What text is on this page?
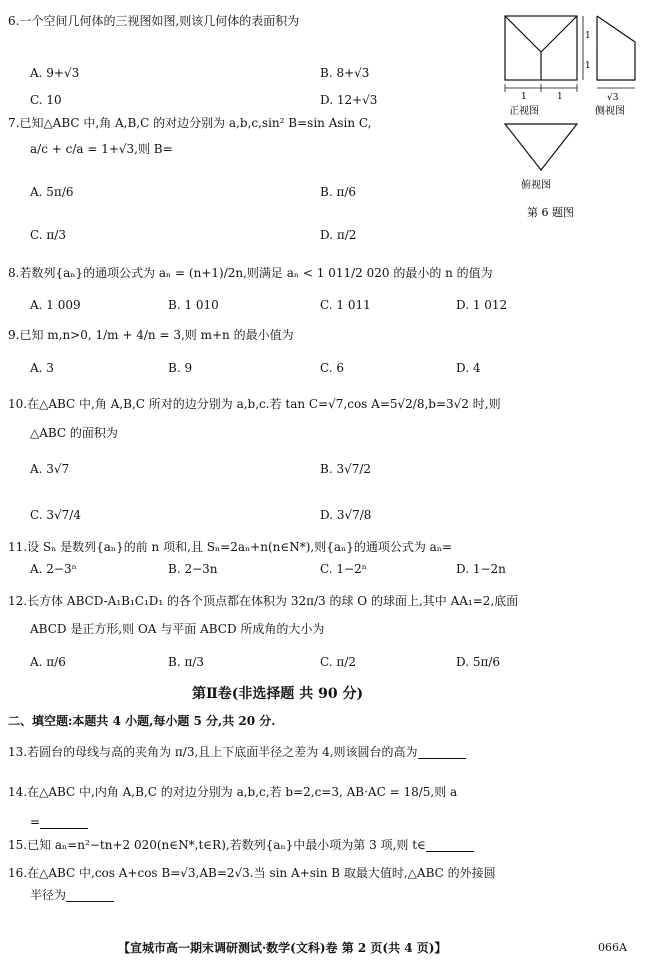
6.一个空间几何体的三视图如图,则该几何体的表面积为
A. 9+√3	B. 8+√3
C. 10	D. 12+√3	1	1
1
1
正视图
√3
侧视图
俯视图
第 6 题图
7.已知△ABC 中,角 A,B,C 的对边分别为 a,b,c,sin² B=sin Asin C,
a/c + c/a = 1+√3,则 B=
A. 5π/6	B. π/6
C. π/3	D. π/2
8.若数列{aₙ}的通项公式为 aₙ = (n+1)/2n,则满足 aₙ < 1 011/2 020 的最小的 n 的值为
A. 1 009	B. 1 010	C. 1 011	D. 1 012
9.已知 m,n>0, 1/m + 4/n = 3,则 m+n 的最小值为
A. 3	B. 9	C. 6	D. 4
10.在△ABC 中,角 A,B,C 所对的边分别为 a,b,c.若 tan C=√7,cos A=5√2/8,b=3√2 时,则
△ABC 的面积为
A. 3√7	B. 3√7/2
C. 3√7/4	D. 3√7/8
11.设 Sₙ 是数列{aₙ}的前 n 项和,且 Sₙ=2aₙ+n(n∈N*),则{aₙ}的通项公式为 aₙ=
A. 2−3ⁿ	B. 2−3n	C. 1−2ⁿ	D. 1−2n
12.长方体 ABCD-A₁B₁C₁D₁ 的各个顶点都在体积为 32π/3 的球 O 的球面上,其中 AA₁=2,底面
ABCD 是正方形,则 OA 与平面 ABCD 所成角的大小为
A. π/6	B. π/3	C. π/2	D. 5π/6
第Ⅱ卷(非选择题 共 90 分)
二、填空题:本题共 4 小题,每小题 5 分,共 20 分.
13.若圆台的母线与高的夹角为 π/3,且上下底面半径之差为 4,则该圆台的高为
14.在△ABC 中,内角 A,B,C 的对边分别为 a,b,c,若 b=2,c=3, AB·AC = 18/5,则 a
=
15.已知 aₙ=n²−tn+2 020(n∈N*,t∈R),若数列{aₙ}中最小项为第 3 项,则 t∈
16.在△ABC 中,cos A+cos B=√3,AB=2√3.当 sin A+sin B 取最大值时,△ABC 的外接圆
半径为
【宣城市高一期末调研测试·数学(文科)卷 第 2 页(共 4 页)】	066A
